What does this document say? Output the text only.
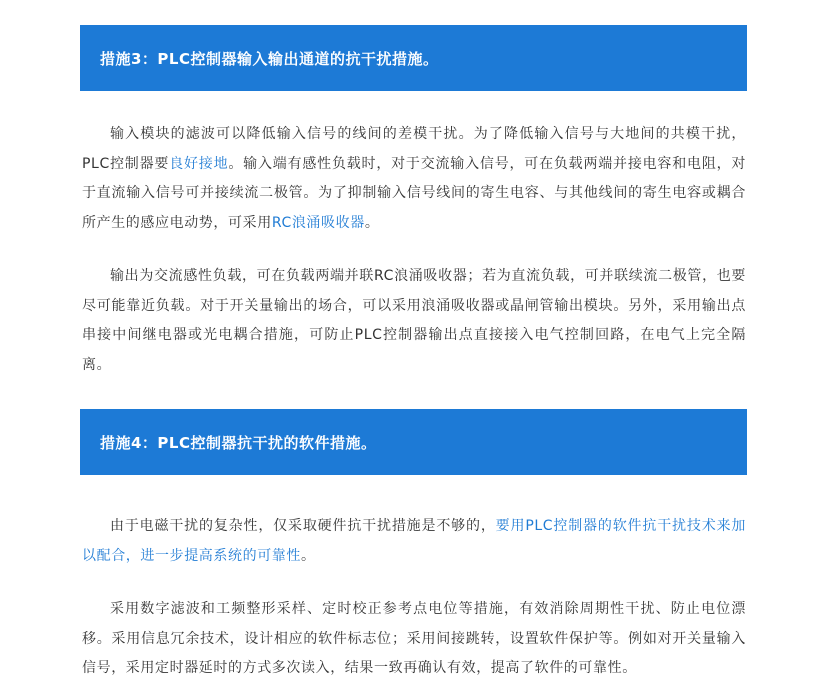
措施3：PLC控制器输入输出通道的抗干扰措施。

输入模块的滤波可以降低输入信号的线间的差模干扰。为了降低输入信号与大地间的共模干扰，PLC控制器要良好接地。输入端有感性负载时，对于交流输入信号，可在负载两端并接电容和电阻，对于直流输入信号可并接续流二极管。为了抑制输入信号线间的寄生电容、与其他线间的寄生电容或耦合所产生的感应电动势，可采用RC浪涌吸收器。

输出为交流感性负载，可在负载两端并联RC浪涌吸收器；若为直流负载，可并联续流二极管，也要尽可能靠近负载。对于开关量输出的场合，可以采用浪涌吸收器或晶闸管输出模块。另外，采用输出点串接中间继电器或光电耦合措施，可防止PLC控制器输出点直接接入电气控制回路，在电气上完全隔离。

措施4：PLC控制器抗干扰的软件措施。

由于电磁干扰的复杂性，仅采取硬件抗干扰措施是不够的，要用PLC控制器的软件抗干扰技术来加以配合，进一步提高系统的可靠性。

采用数字滤波和工频整形采样、定时校正参考点电位等措施，有效消除周期性干扰、防止电位漂移。采用信息冗余技术，设计相应的软件标志位；采用间接跳转，设置软件保护等。例如对开关量输入信号，采用定时器延时的方式多次读入，结果一致再确认有效，提高了软件的可靠性。
